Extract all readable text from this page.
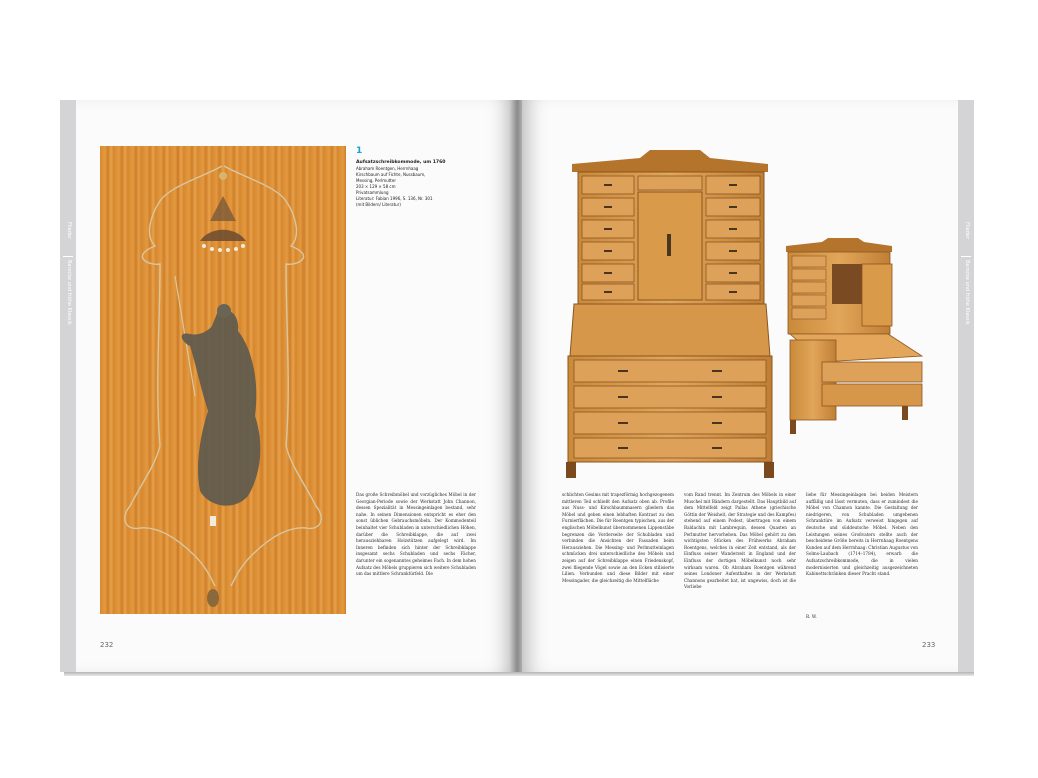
1
Aufsatzschreibkommode, um 1760
Abraham Roentgen, Herrnhaag
Kirschbaum auf Fichte, Nussbaum,
Messing, Perlmutter
203 × 129 × 58 cm
Privatsammlung
Literatur: Fabian 1996, S. 136, Nr. 301
(mit Bildern/ Literatur)
Das große Schreibmöbel und vorzügliches Möbel in der Georgian-Periode sowie der Werkstatt John Channon, dessen Spezialität in Messingeinlagen bestand, sehr nahe. In seinen Dimensionen entspricht es eher den sonst üblichen Gebrauchsmöbeln. Der Kommodenteil beinhaltet vier Schubladen in unterschiedlichen Höhen, darüber die Schreibklappe, die auf zwei herausziehbaren Holzstützen aufgelegt wird. Im Inneren befinden sich hinter der Schreibklappe insgesamt sechs Schubladen und sechs Fächer, darunter ein sogenanntes geheimes Fach. In dem hohen Aufsatz des Möbels gruppieren sich weitere Schubladen um das mittlere Schranktürfeld. Die
232
schlichten Gesims mit trapezförmig hochgezogenem mittleren Teil schließt den Aufsatz oben ab. Profile aus Nuss- und Kirschbaummasern gliedern das Möbel und geben einen lebhaften Kontrast zu den Furnierflächen. Die für Roentgen typischen, aus der englischen Möbelkunst übernommenen Lippenstäbe begrenzen die Vorderseite der Schubladen und verbinden die Ansichten der Fassaden beim Herausziehen. Die Messing- und Perlmutteinlagen schmücken drei unterschiedliche des Möbels und zeigen auf der Schreibklappe einen Friedenskopf, zwei fliegende Vögel sowie an den Ecken stilisierte Lilien. Verbunden und diese Bilder mit einer Messingader, die gleichzeitig die Mittelfläche
vom Rand trennt. Im Zentrum des Möbels in einer Muschel mit Bändern dargestellt. Das Hauptbild auf dem Mittelfeld zeigt Pallas Athene (griechische Göttin der Weisheit, der Strategie und des Kampfes) stehend auf einem Podest, übertragen von einem Baldachin mit Lambrequin, dessen Quasten an Perlmutter hervorheben. Das Möbel gehört zu den wichtigsten Stücken des Frühwerks Abraham Roentgens, welches in einer Zeit entstand, als der Einfluss seiner Wanderzeit in England und der Einfluss der dortigen Möbelkunst noch sehr wirksam waren. Ob Abraham Roentgen während seines Londoner Aufenthaltes in der Werkstatt Channons gearbeitet hat, ist ungewiss, doch ist die Vorliebe
liebe für Messingeinlagen bei beiden Meistern auffällig und lässt vermuten, dass er zumindest die Möbel von Channon kannte. Die Gestaltung der niedrigeren, von Schubladen umgebenen Schranktüre im Aufsatz verweist hingegen auf deutsche und süddeutsche Möbel. Neben den Leistungen seines Großvaters stellte auch der bescheidene Größe bereits in Herrnhaag Roentgens Kunden auf dem Herrnhaag: Christian Augustus von Solms-Laubach (1714–1784), erwarb die Aufsatzschreibkommode, die in vielen modernisierten und gleichzeitig ausgezeichneten Kabinettschränken dieser Pracht stand.
R. W.
233
Flieder
Barocke und frühe Klassik
Flieder
Barocke und frühe Klassik
